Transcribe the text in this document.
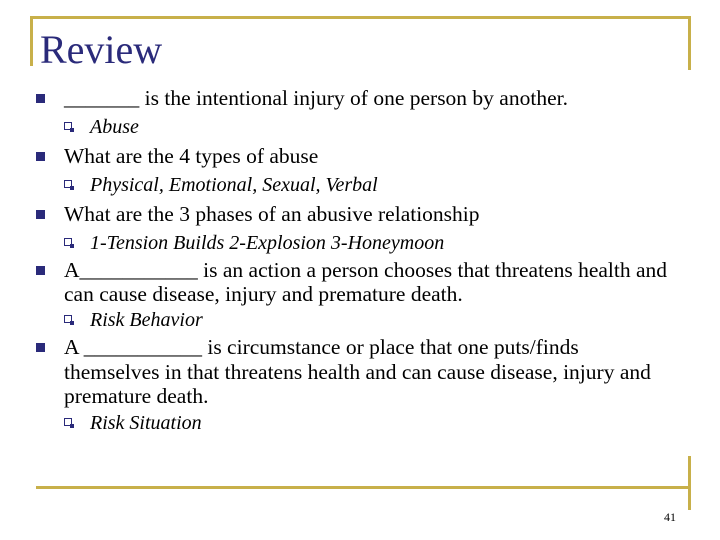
Review
_______ is the intentional injury of one person by another.
Abuse
What are the 4 types of abuse
Physical, Emotional, Sexual, Verbal
What are the 3 phases of an abusive relationship
1-Tension Builds 2-Explosion 3-Honeymoon
A___________ is an action a person chooses that threatens health and can cause disease, injury and premature death.
Risk Behavior
A ___________ is circumstance or place that one puts/finds themselves in that threatens health and can cause disease, injury and premature death.
Risk Situation
41
